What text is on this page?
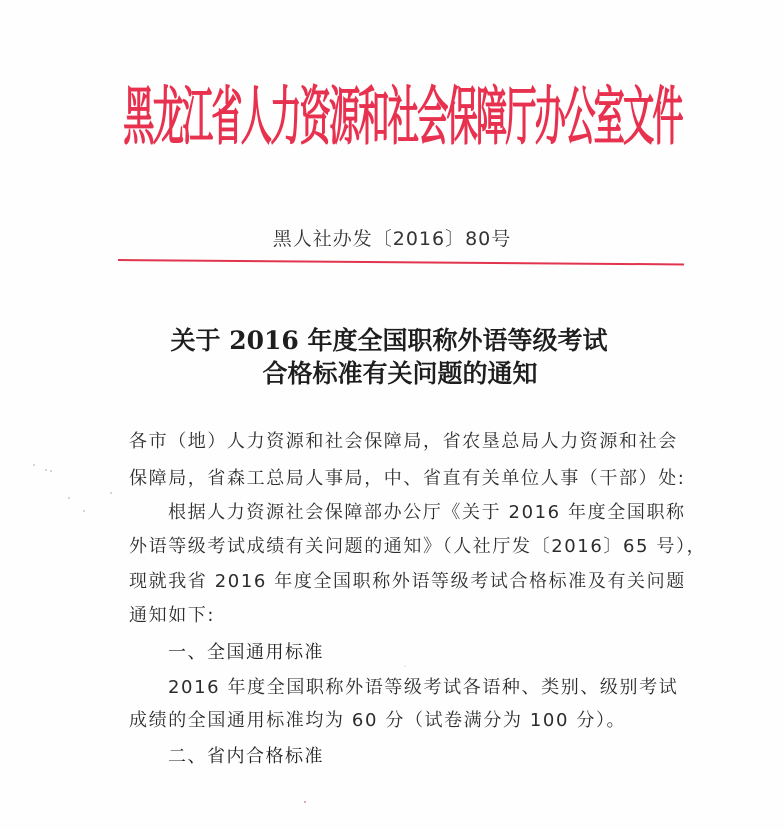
黑龙江省人力资源和社会保障厅办公室文件
黑人社办发〔2016〕80号
关于 2016 年度全国职称外语等级考试
合格标准有关问题的通知
各市（地）人力资源和社会保障局，省农垦总局人力资源和社会
保障局，省森工总局人事局，中、省直有关单位人事（干部）处:
根据人力资源社会保障部办公厅《关于 2016 年度全国职称
外语等级考试成绩有关问题的通知》（人社厅发〔2016〕65 号），
现就我省 2016 年度全国职称外语等级考试合格标准及有关问题
通知如下:
一、全国通用标准
2016 年度全国职称外语等级考试各语种、类别、级别考试
成绩的全国通用标准均为 60 分（试卷满分为 100 分）。
二、省内合格标准
